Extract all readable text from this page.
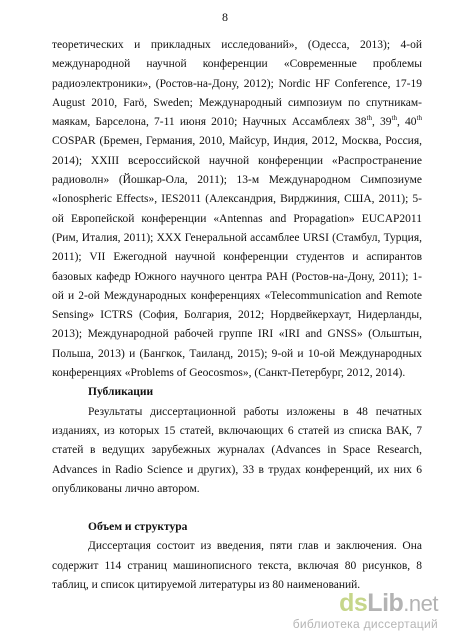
8

теоретических и прикладных исследований», (Одесса, 2013); 4-ой международной научной конференции «Современные проблемы радиоэлектроники», (Ростов-на-Дону, 2012); Nordic HF Conference, 17-19 August 2010, Farö, Sweden; Международный симпозиум по спутникам-маякам, Барселона, 7-11 июня 2010; Научных Ассамблеях 38th, 39th, 40th COSPAR (Бремен, Германия, 2010, Майсур, Индия, 2012, Москва, Россия, 2014); XXIII всероссийской научной конференции «Распространение радиоволн» (Йошкар-Ола, 2011); 13-м Международном Симпозиуме «Ionospheric Effects», IES2011 (Александрия, Вирджиния, США, 2011); 5-ой Европейской конференции «Antennas and Propagation» EUCAP2011 (Рим, Италия, 2011); XXX Генеральной ассамблее URSI (Стамбул, Турция, 2011); VII Ежегодной научной конференции студентов и аспирантов базовых кафедр Южного научного центра РАН (Ростов-на-Дону, 2011); 1-ой и 2-ой Международных конференциях «Telecommunication and Remote Sensing» ICTRS (София, Болгария, 2012; Нордвейкерхаут, Нидерланды, 2013); Международной рабочей группе IRI «IRI and GNSS» (Ольштын, Польша, 2013) и (Бангкок, Таиланд, 2015); 9-ой и 10-ой Международных конференциях «Problems of Geocosmos», (Санкт-Петербург, 2012, 2014).

Публикации

Результаты диссертационной работы изложены в 48 печатных изданиях, из которых 15 статей, включающих 6 статей из списка ВАК, 7 статей в ведущих зарубежных журналах (Advances in Space Research, Advances in Radio Science и других), 33 в трудах конференций, их них 6 опубликованы лично автором.

Объем и структура

Диссертация состоит из введения, пяти глав и заключения. Она содержит 114 страниц машинописного текста, включая 80 рисунков, 8 таблиц, и список цитируемой литературы из 80 наименований.

dsLib.net
библиотека диссертаций
